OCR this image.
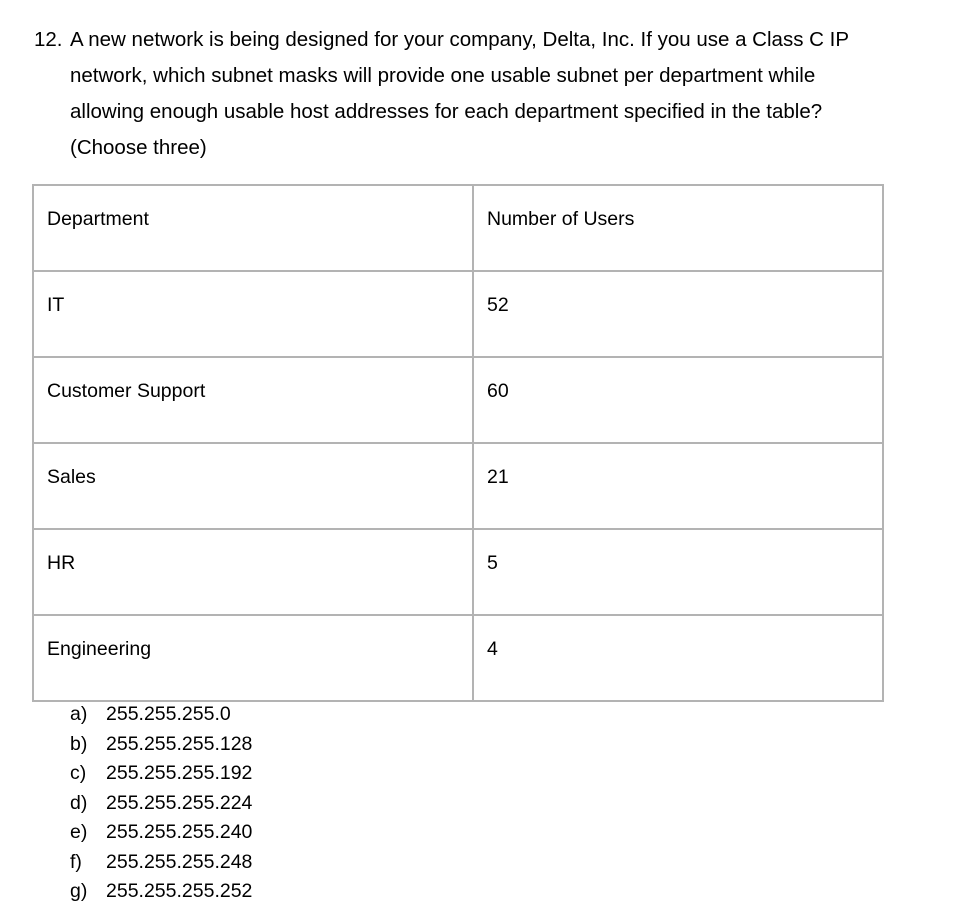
12. A new network is being designed for your company, Delta, Inc. If you use a Class C IP
network, which subnet masks will provide one usable subnet per department while
allowing enough usable host addresses for each department specified in the table?
(Choose three)
Department	Number of Users

IT	52

Customer Support	60

Sales	21

HR	5

Engineering	4
a) 255.255.255.0
b) 255.255.255.128
c)	255.255.255.192
d) 255.255.255.224
e) 255.255.255.240
f)	255.255.255.248
g) 255.255.255.252
